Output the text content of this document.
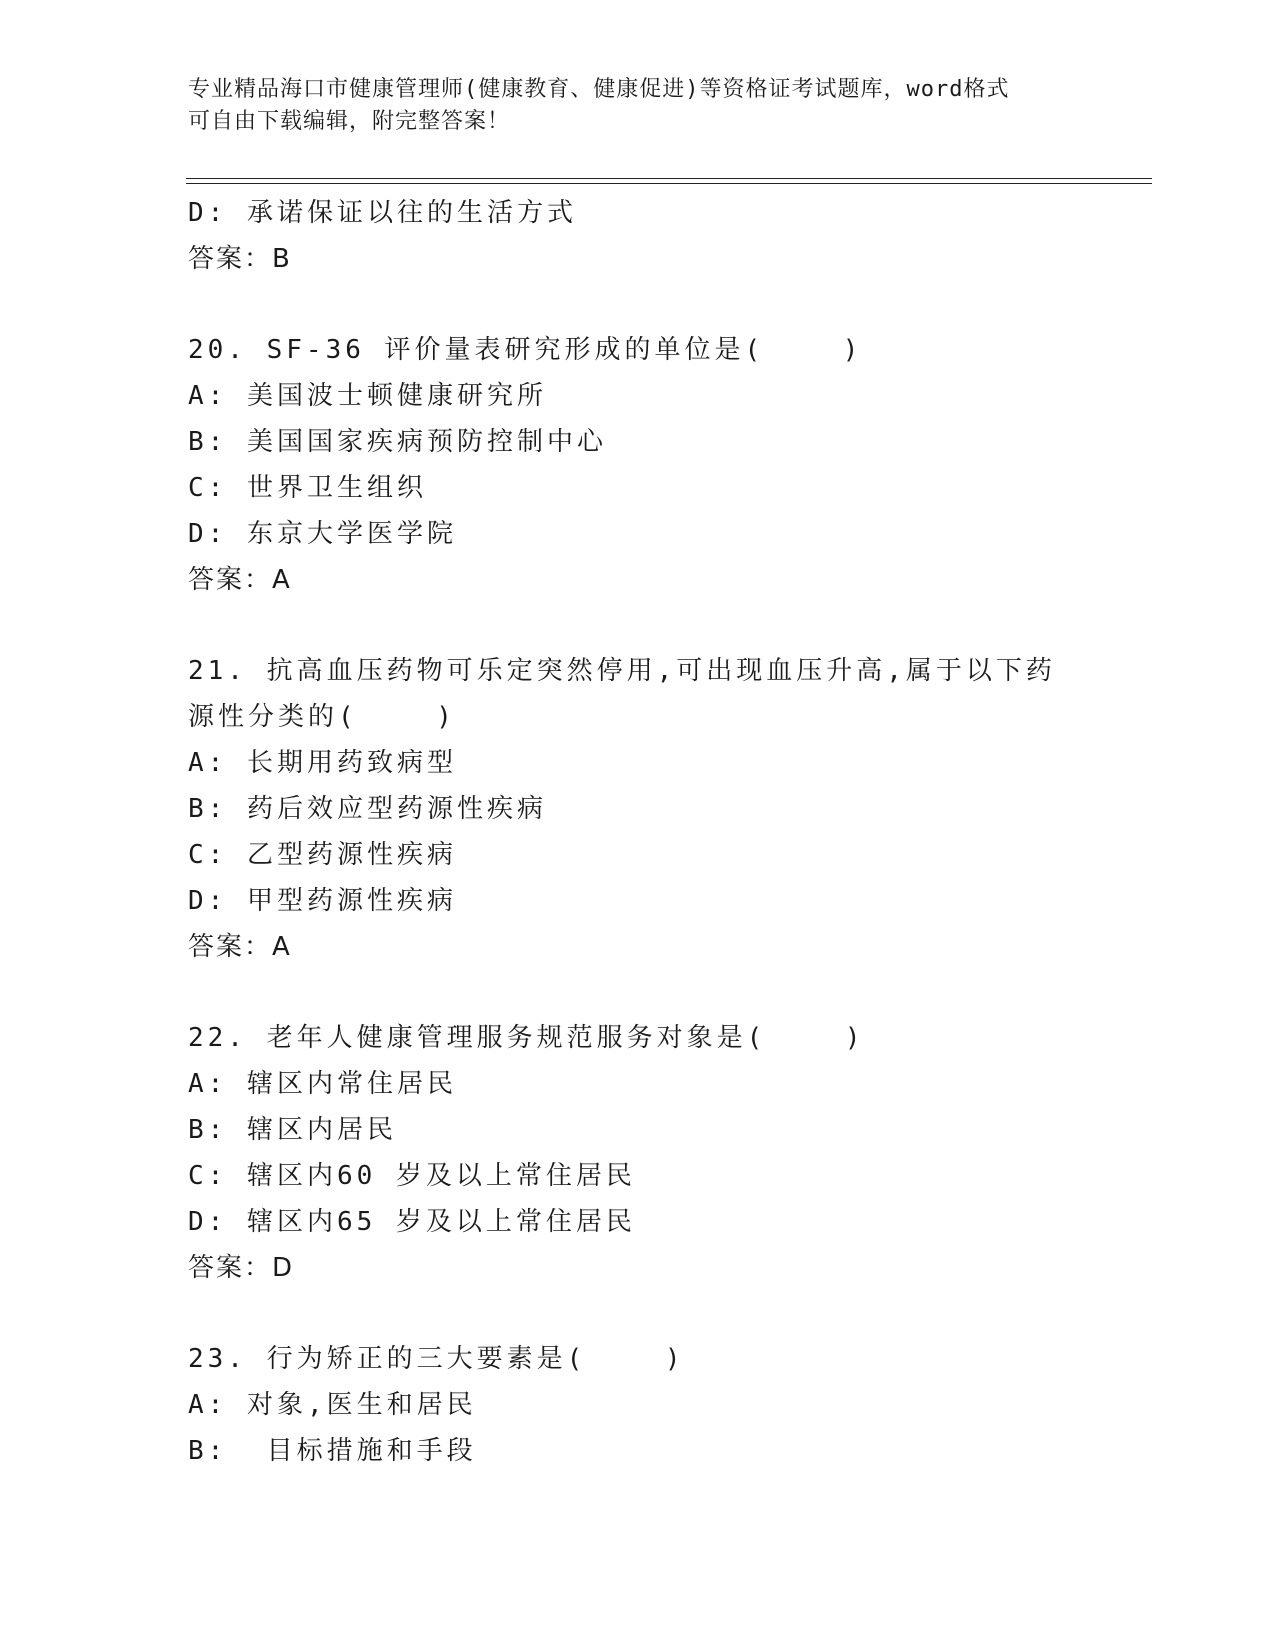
专业精品海口市健康管理师(健康教育、健康促进)等资格证考试题库，word格式
可自由下载编辑，附完整答案！
D: 承诺保证以往的生活方式
答案：B
20. SF-36 评价量表研究形成的单位是(    )
A: 美国波士顿健康研究所
B: 美国国家疾病预防控制中心
C: 世界卫生组织
D: 东京大学医学院
答案：A
21. 抗高血压药物可乐定突然停用,可出现血压升高,属于以下药源性分类的(    )
A: 长期用药致病型
B: 药后效应型药源性疾病
C: 乙型药源性疾病
D: 甲型药源性疾病
答案：A
22. 老年人健康管理服务规范服务对象是(    )
A: 辖区内常住居民
B: 辖区内居民
C: 辖区内60 岁及以上常住居民
D: 辖区内65 岁及以上常住居民
答案：D
23. 行为矫正的三大要素是(    )
A: 对象,医生和居民
B:  目标措施和手段
